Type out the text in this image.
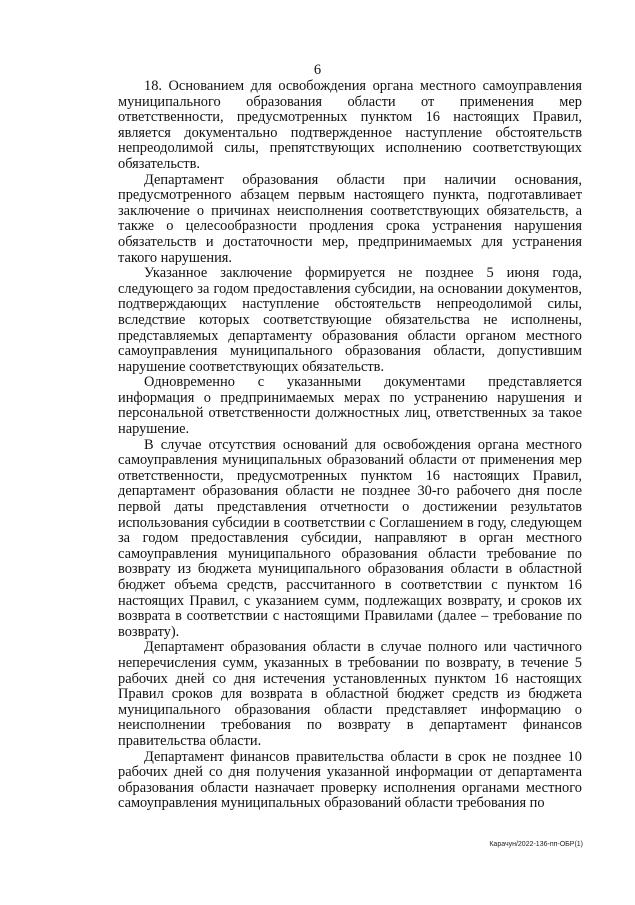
6

18. Основанием для освобождения органа местного самоуправления муниципального образования области от применения мер ответственности, предусмотренных пунктом 16 настоящих Правил, является документально подтвержденное наступление обстоятельств непреодолимой силы, препятствующих исполнению соответствующих обязательств.

Департамент образования области при наличии основания, предусмотренного абзацем первым настоящего пункта, подготавливает заключение о причинах неисполнения соответствующих обязательств, а также о целесообразности продления срока устранения нарушения обязательств и достаточности мер, предпринимаемых для устранения такого нарушения.

Указанное заключение формируется не позднее 5 июня года, следующего за годом предоставления субсидии, на основании документов, подтверждающих наступление обстоятельств непреодолимой силы, вследствие которых соответствующие обязательства не исполнены, представляемых департаменту образования области органом местного самоуправления муниципального образования области, допустившим нарушение соответствующих обязательств.

Одновременно с указанными документами представляется информация о предпринимаемых мерах по устранению нарушения и персональной ответственности должностных лиц, ответственных за такое нарушение.

В случае отсутствия оснований для освобождения органа местного самоуправления муниципальных образований области от применения мер ответственности, предусмотренных пунктом 16 настоящих Правил, департамент образования области не позднее 30-го рабочего дня после первой даты представления отчетности о достижении результатов использования субсидии в соответствии с Соглашением в году, следующем за годом предоставления субсидии, направляют в орган местного самоуправления муниципального образования области требование по возврату из бюджета муниципального образования области в областной бюджет объема средств, рассчитанного в соответствии с пунктом 16 настоящих Правил, с указанием сумм, подлежащих возврату, и сроков их возврата в соответствии с настоящими Правилами (далее – требование по возврату).

Департамент образования области в случае полного или частичного неперечисления сумм, указанных в требовании по возврату, в течение 5 рабочих дней со дня истечения установленных пунктом 16 настоящих Правил сроков для возврата в областной бюджет средств из бюджета муниципального образования области представляет информацию о неисполнении требования по возврату в департамент финансов правительства области.

Департамент финансов правительства области в срок не позднее 10 рабочих дней со дня получения указанной информации от департамента образования области назначает проверку исполнения органами местного самоуправления муниципальных образований области требования по

Карачун/2022-136-пп-ОБР(1)
